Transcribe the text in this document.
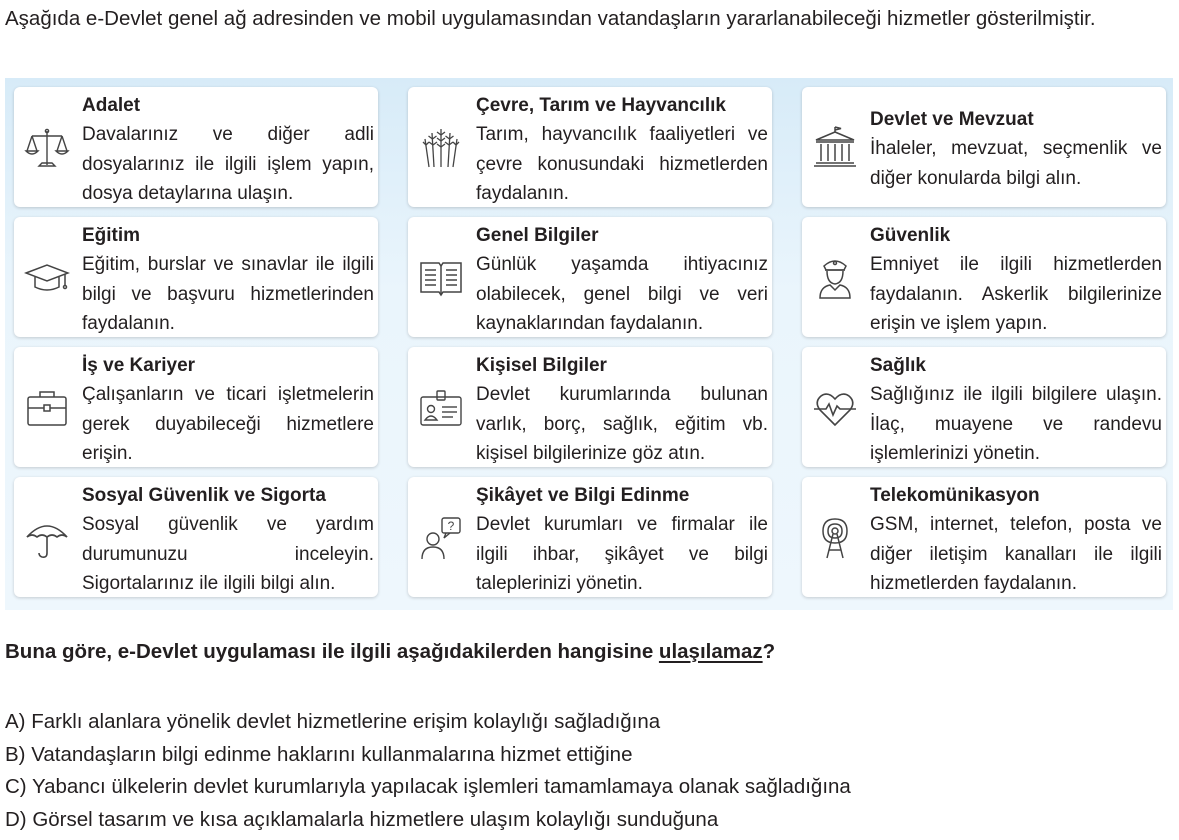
Aşağıda e-Devlet genel ağ adresinden ve mobil uygulamasından vatandaşların yararlanabileceği hizmetler gösterilmiştir.
Adalet
Davalarınız ve diğer adli dosyalarınız ile ilgili işlem yapın, dosya detaylarına ulaşın.
Çevre, Tarım ve Hayvancılık
Tarım, hayvancılık faaliyetleri ve çevre konusundaki hizmetlerden faydalanın.
Devlet ve Mevzuat
İhaleler, mevzuat, seçmenlik ve diğer konularda bilgi alın.
Eğitim
Eğitim, burslar ve sınavlar ile ilgili bilgi ve başvuru hizmetlerinden faydalanın.
Genel Bilgiler
Günlük yaşamda ihtiyacınız olabilecek, genel bilgi ve veri kaynaklarından faydalanın.
Güvenlik
Emniyet ile ilgili hizmetlerden faydalanın. Askerlik bilgilerinize erişin ve işlem yapın.
İş ve Kariyer
Çalışanların ve ticari işletmelerin gerek duyabileceği hizmetlere erişin.
Kişisel Bilgiler
Devlet kurumlarında bulunan varlık, borç, sağlık, eğitim vb. kişisel bilgilerinize göz atın.
Sağlık
Sağlığınız ile ilgili bilgilere ulaşın. İlaç, muayene ve randevu işlemlerinizi yönetin.
Sosyal Güvenlik ve Sigorta
Sosyal güvenlik ve yardım durumunuzu inceleyin. Sigortalarınız ile ilgili bilgi alın.
?
Şikâyet ve Bilgi Edinme
Devlet kurumları ve firmalar ile ilgili ihbar, şikâyet ve bilgi taleplerinizi yönetin.
Telekomünikasyon
GSM, internet, telefon, posta ve diğer iletişim kanalları ile ilgili hizmetlerden faydalanın.
Buna göre, e-Devlet uygulaması ile ilgili aşağıdakilerden hangisine ulaşılamaz?
A) Farklı alanlara yönelik devlet hizmetlerine erişim kolaylığı sağladığına
B) Vatandaşların bilgi edinme haklarını kullanmalarına hizmet ettiğine
C) Yabancı ülkelerin devlet kurumlarıyla yapılacak işlemleri tamamlamaya olanak sağladığına
D) Görsel tasarım ve kısa açıklamalarla hizmetlere ulaşım kolaylığı sunduğuna
